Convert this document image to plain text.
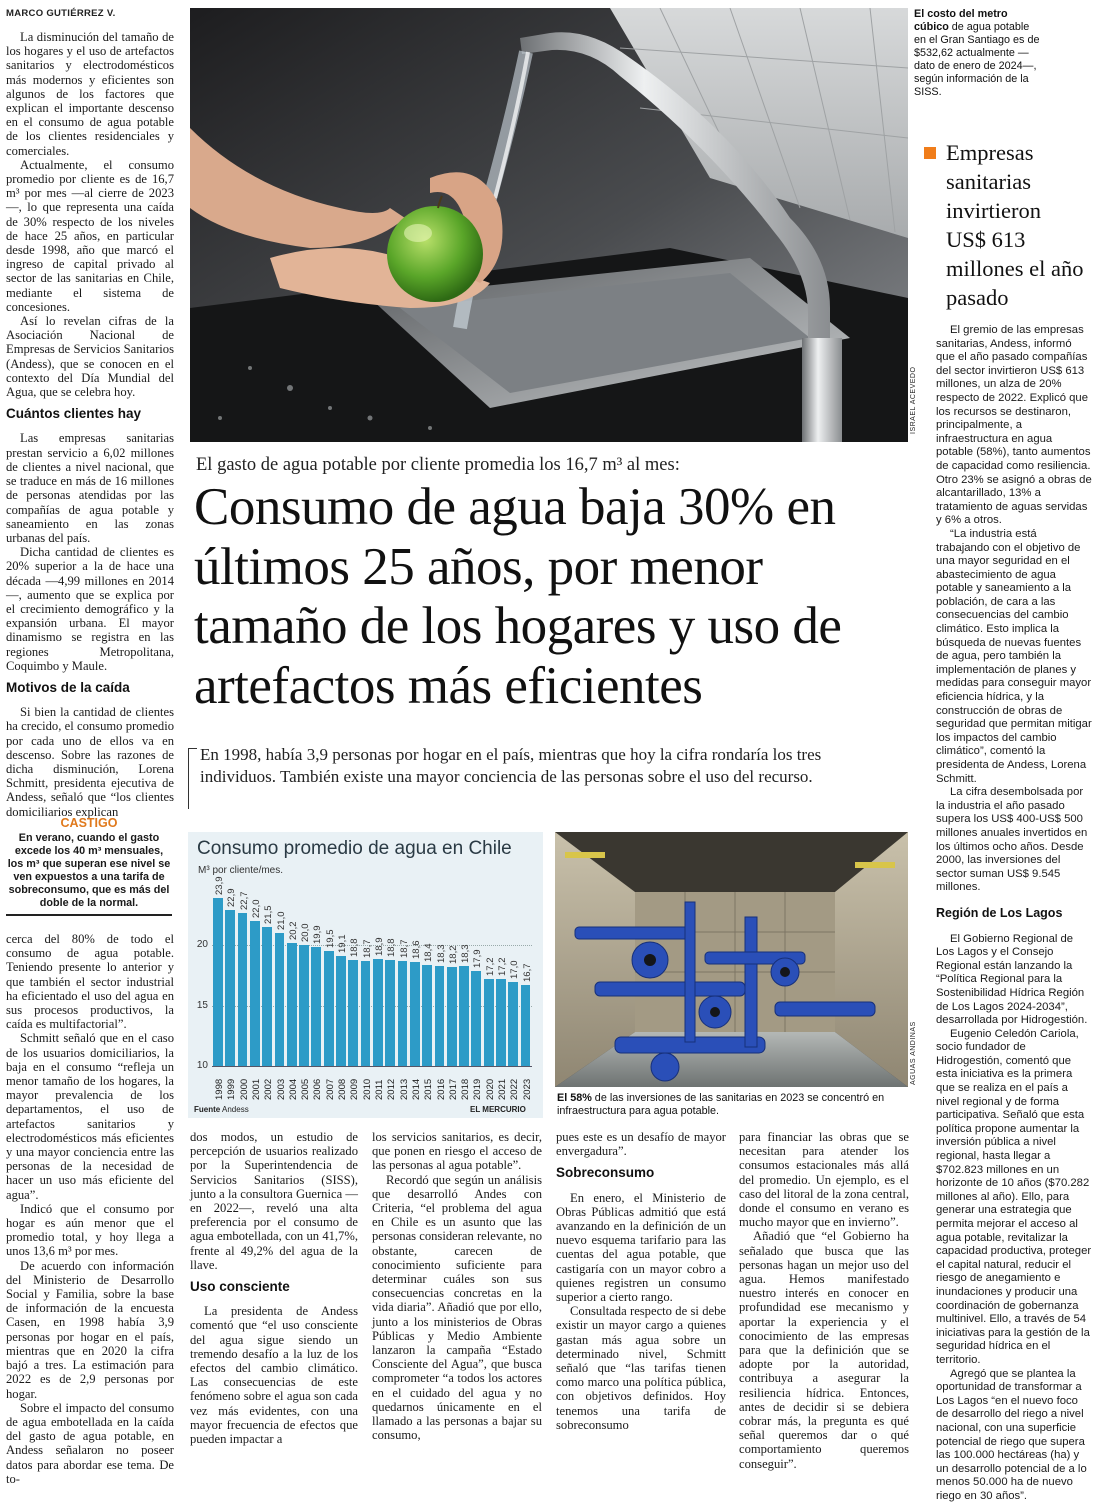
MARCO GUTIÉRREZ V.

La disminución del tamaño de los hogares y el uso de artefactos sanitarios y electrodomésticos más modernos y eficientes son algunos de los factores que explican el importante descenso en el consumo de agua potable de los clientes residenciales y comerciales.

Actualmente, el consumo promedio por cliente es de 16,7 m³ por mes —al cierre de 2023—, lo que representa una caída de 30% respecto de los niveles de hace 25 años, en particular desde 1998, año que marcó el ingreso de capital privado al sector de las sanitarias en Chile, mediante el sistema de concesiones.

Así lo revelan cifras de la Asociación Nacional de Empresas de Servicios Sanitarios (Andess), que se conocen en el contexto del Día Mundial del Agua, que se celebra hoy.

Cuántos clientes hay

Las empresas sanitarias prestan servicio a 6,02 millones de clientes a nivel nacional, que se traduce en más de 16 millones de personas atendidas por las compañías de agua potable y saneamiento en las zonas urbanas del país.

Dicha cantidad de clientes es 20% superior a la de hace una década —4,99 millones en 2014—, aumento que se explica por el crecimiento demográfico y la expansión urbana. El mayor dinamismo se registra en las regiones Metropolitana, Coquimbo y Maule.

Motivos de la caída

Si bien la cantidad de clientes ha crecido, el consumo promedio por cada uno de ellos va en descenso. Sobre las razones de dicha disminución, Lorena Schmitt, presidenta ejecutiva de Andess, señaló que “los clientes domiciliarios explican

CASTIGO
En verano, cuando el gasto excede los 40 m³ mensuales, los m³ que superan ese nivel se ven expuestos a una tarifa de sobreconsumo, que es más del doble de la normal.

cerca del 80% de todo el consumo de agua potable. Teniendo presente lo anterior y que también el sector industrial ha eficientado el uso del agua en sus procesos productivos, la caída es multifactorial”.

Schmitt señaló que en el caso de los usuarios domiciliarios, la baja en el consumo “refleja un menor tamaño de los hogares, la mayor prevalencia de los departamentos, el uso de artefactos sanitarios y electrodomésticos más eficientes y una mayor conciencia entre las personas de la necesidad de hacer un uso más eficiente del agua”.

Indicó que el consumo por hogar es aún menor que el promedio total, y hoy llega a unos 13,6 m³ por mes.

De acuerdo con información del Ministerio de Desarrollo Social y Familia, sobre la base de información de la encuesta Casen, en 1998 había 3,9 personas por hogar en el país, mientras que en 2020 la cifra bajó a tres. La estimación para 2022 es de 2,9 personas por hogar.

Sobre el impacto del consumo de agua embotellada en la caída del gasto de agua potable, en Andess señalaron no poseer datos para abordar ese tema. De to-

ISRAEL ACEVEDO
El costo del metro cúbico de agua potable en el Gran Santiago es de $532,62 actualmente —dato de enero de 2024—, según información de la SISS.
El gasto de agua potable por cliente promedia los 16,7 m³ al mes:
Consumo de agua baja 30% en últimos 25 años, por menor tamaño de los hogares y uso de artefactos más eficientes
En 1998, había 3,9 personas por hogar en el país, mientras que hoy la cifra rondaría los tres individuos. También existe una mayor conciencia de las personas sobre el uso del recurso.
Consumo promedio de agua en Chile
M³ por cliente/mes.
10
15
20
23,9
1998
22,9
1999
22,7
2000
22,0
2001
21,5
2002
21,0
2003
20,2
2004
20,0
2005
19,9
2006
19,5
2007
19,1
2008
18,8
2009
18,7
2010
18,9
2011
18,8
2012
18,7
2013
18,6
2014
18,4
2015
18,3
2016
18,2
2017
18,3
2018
17,9
2019
17,2
2020
17,2
2021
17,0
2022
16,7
2023
Fuente Andess	EL MERCURIO
AGUAS ANDINAS
El 58% de las inversiones de las sanitarias en 2023 se concentró en infraestructura para agua potable.

dos modos, un estudio de percepción de usuarios realizado por la Superintendencia de Servicios Sanitarios (SISS), junto a la consultora Guernica —en 2022—, reveló una alta preferencia por el consumo de agua embotellada, con un 41,7%, frente al 49,2% del agua de la llave.

Uso consciente

La presidenta de Andess comentó que “el uso consciente del agua sigue siendo un tremendo desafío a la luz de los efectos del cambio climático. Las consecuencias de este fenómeno sobre el agua son cada vez más evidentes, con una mayor frecuencia de efectos que pueden impactar a

los servicios sanitarios, es decir, que ponen en riesgo el acceso de las personas al agua potable”.

Recordó que según un análisis que desarrolló Andes con Criteria, “el problema del agua en Chile es un asunto que las personas consideran relevante, no obstante, carecen de conocimiento suficiente para determinar cuáles son sus consecuencias concretas en la vida diaria”. Añadió que por ello, junto a los ministerios de Obras Públicas y Medio Ambiente lanzaron la campaña “Estado Consciente del Agua”, que busca comprometer “a todos los actores en el cuidado del agua y no quedarnos únicamente en el llamado a las personas a bajar su consumo,

pues este es un desafío de mayor envergadura”.

Sobreconsumo

En enero, el Ministerio de Obras Públicas admitió que está avanzando en la definición de un nuevo esquema tarifario para las cuentas del agua potable, que castigaría con un mayor cobro a quienes registren un consumo superior a cierto rango.

Consultada respecto de si debe existir un mayor cargo a quienes gastan más agua sobre un determinado nivel, Schmitt señaló que “las tarifas tienen como marco una política pública, con objetivos definidos. Hoy tenemos una tarifa de sobreconsumo

para financiar las obras que se necesitan para atender los consumos estacionales más allá del promedio. Un ejemplo, es el caso del litoral de la zona central, donde el consumo en verano es mucho mayor que en invierno”.

Añadió que “el Gobierno ha señalado que busca que las personas hagan un mejor uso del agua. Hemos manifestado nuestro interés en conocer en profundidad ese mecanismo y aportar la experiencia y el conocimiento de las empresas para que la definición que se adopte por la autoridad, contribuya a asegurar la resiliencia hídrica. Entonces, antes de decidir si se debiera cobrar más, la pregunta es qué señal queremos dar o qué comportamiento queremos conseguir”.

Empresas sanitarias invirtieron US$ 613 millones el año pasado

El gremio de las empresas sanitarias, Andess, informó que el año pasado compañías del sector invirtieron US$ 613 millones, un alza de 20% respecto de 2022. Explicó que los recursos se destinaron, principalmente, a infraestructura en agua potable (58%), tanto aumentos de capacidad como resiliencia. Otro 23% se asignó a obras de alcantarillado, 13% a tratamiento de aguas servidas y 6% a otros.

“La industria está trabajando con el objetivo de una mayor seguridad en el abastecimiento de agua potable y saneamiento a la población, de cara a las consecuencias del cambio climático. Esto implica la búsqueda de nuevas fuentes de agua, pero también la implementación de planes y medidas para conseguir mayor eficiencia hídrica, y la construcción de obras de seguridad que permitan mitigar los impactos del cambio climático”, comentó la presidenta de Andess, Lorena Schmitt.

La cifra desembolsada por la industria el año pasado supera los US$ 400-US$ 500 millones anuales invertidos en los últimos ocho años. Desde 2000, las inversiones del sector suman US$ 9.545 millones.

Región de Los Lagos

El Gobierno Regional de Los Lagos y el Consejo Regional están lanzando la “Política Regional para la Sostenibilidad Hídrica Región de Los Lagos 2024-2034”, desarrollada por Hidrogestión.

Eugenio Celedón Cariola, socio fundador de Hidrogestión, comentó que esta iniciativa es la primera que se realiza en el país a nivel regional y de forma participativa. Señaló que esta política propone aumentar la inversión pública a nivel regional, hasta llegar a $702.823 millones en un horizonte de 10 años ($70.282 millones al año). Ello, para generar una estrategia que permita mejorar el acceso al agua potable, revitalizar la capacidad productiva, proteger el capital natural, reducir el riesgo de anegamiento e inundaciones y producir una coordinación de gobernanza multinivel. Ello, a través de 54 iniciativas para la gestión de la seguridad hídrica en el territorio.

Agregó que se plantea la oportunidad de transformar a Los Lagos “en el nuevo foco de desarrollo del riego a nivel nacional, con una superficie potencial de riego que supera las 100.000 hectáreas (ha) y un desarrollo potencial de a lo menos 50.000 ha de nuevo riego en 30 años”.
